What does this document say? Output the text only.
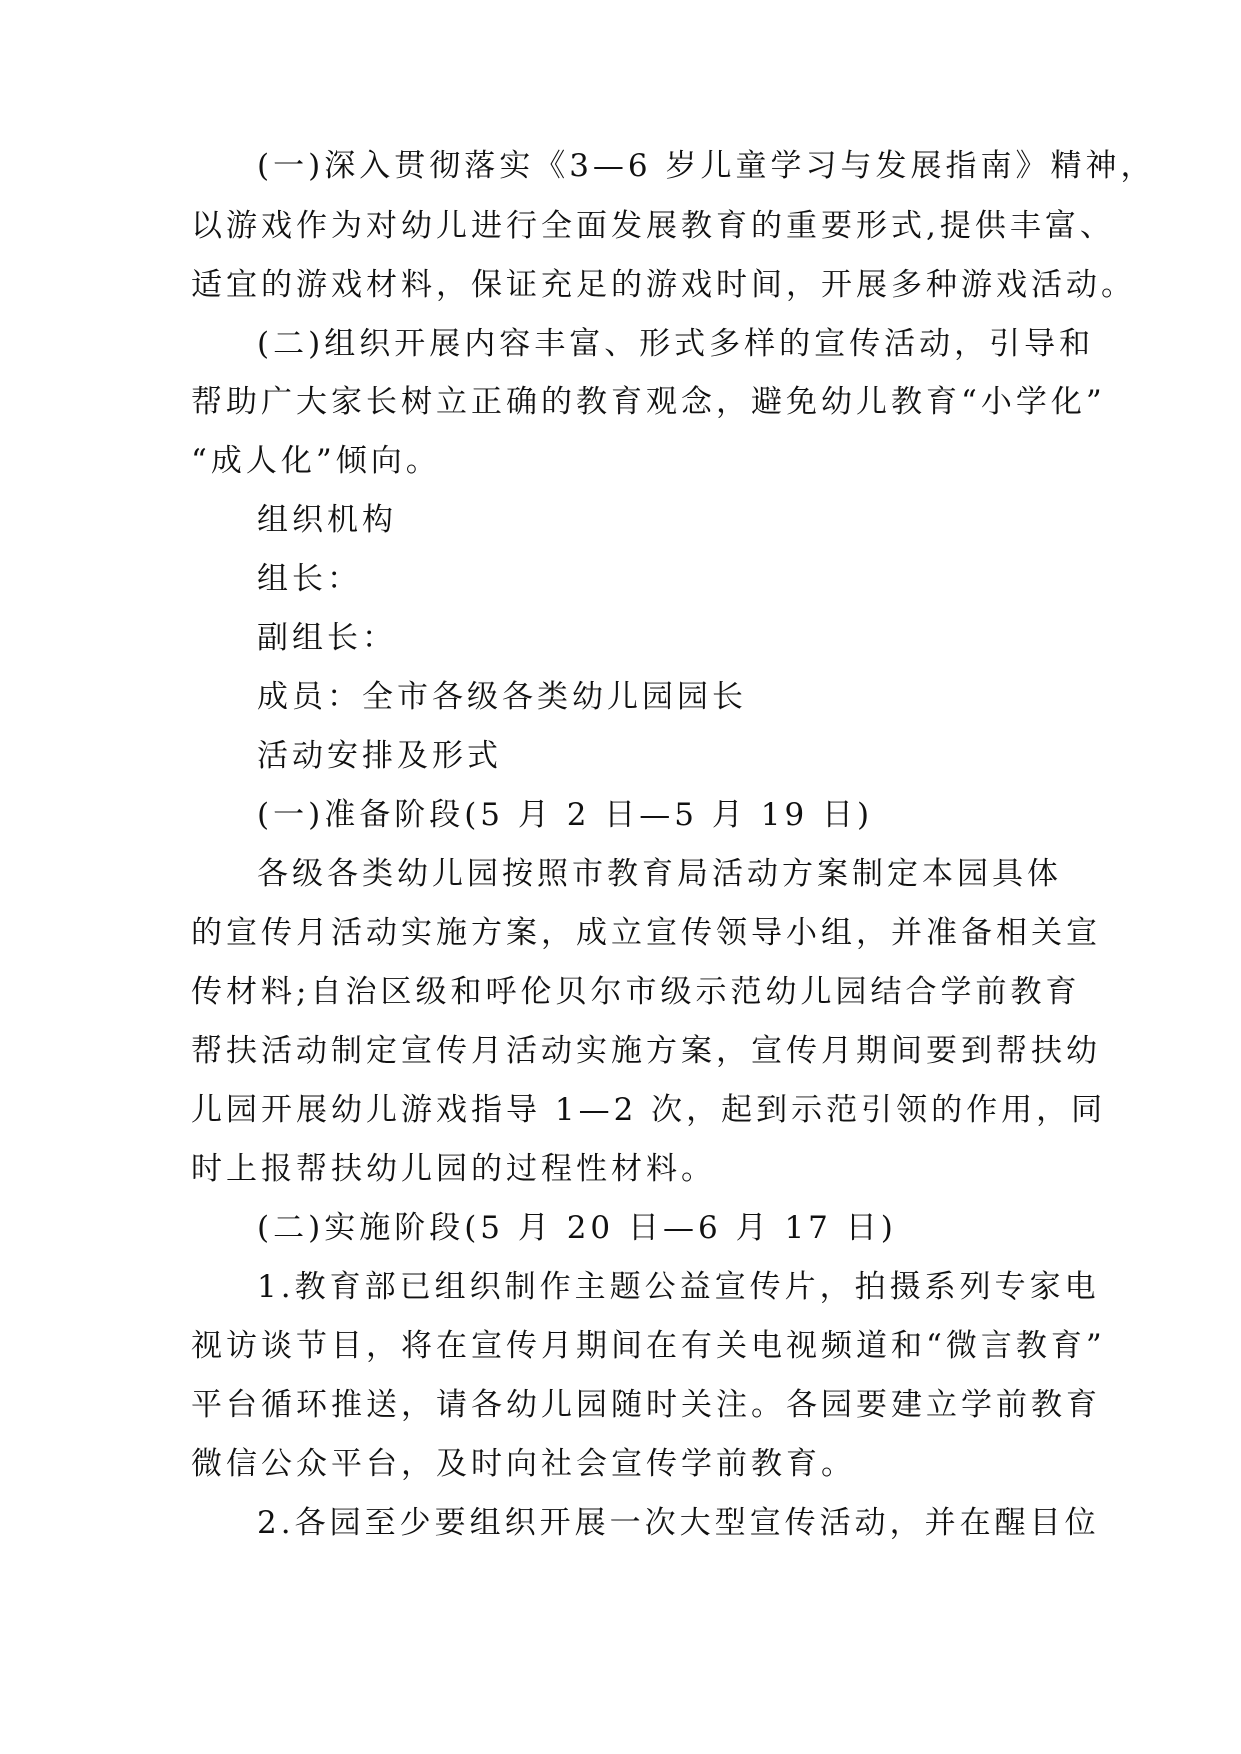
(一)深入贯彻落实《3—6 岁儿童学习与发展指南》精神，
以游戏作为对幼儿进行全面发展教育的重要形式,提供丰富、
适宜的游戏材料，保证充足的游戏时间，开展多种游戏活动。
(二)组织开展内容丰富、形式多样的宣传活动，引导和
帮助广大家长树立正确的教育观念，避免幼儿教育“小学化”
“成人化”倾向。
组织机构
组长：
副组长：
成员：全市各级各类幼儿园园长
活动安排及形式
(一)准备阶段(5 月 2 日—5 月 19 日)
各级各类幼儿园按照市教育局活动方案制定本园具体
的宣传月活动实施方案，成立宣传领导小组，并准备相关宣
传材料;自治区级和呼伦贝尔市级示范幼儿园结合学前教育
帮扶活动制定宣传月活动实施方案，宣传月期间要到帮扶幼
儿园开展幼儿游戏指导 1—2 次，起到示范引领的作用，同
时上报帮扶幼儿园的过程性材料。
(二)实施阶段(5 月 20 日—6 月 17 日)
1.教育部已组织制作主题公益宣传片，拍摄系列专家电
视访谈节目，将在宣传月期间在有关电视频道和“微言教育”
平台循环推送，请各幼儿园随时关注。各园要建立学前教育
微信公众平台，及时向社会宣传学前教育。
2.各园至少要组织开展一次大型宣传活动，并在醒目位
